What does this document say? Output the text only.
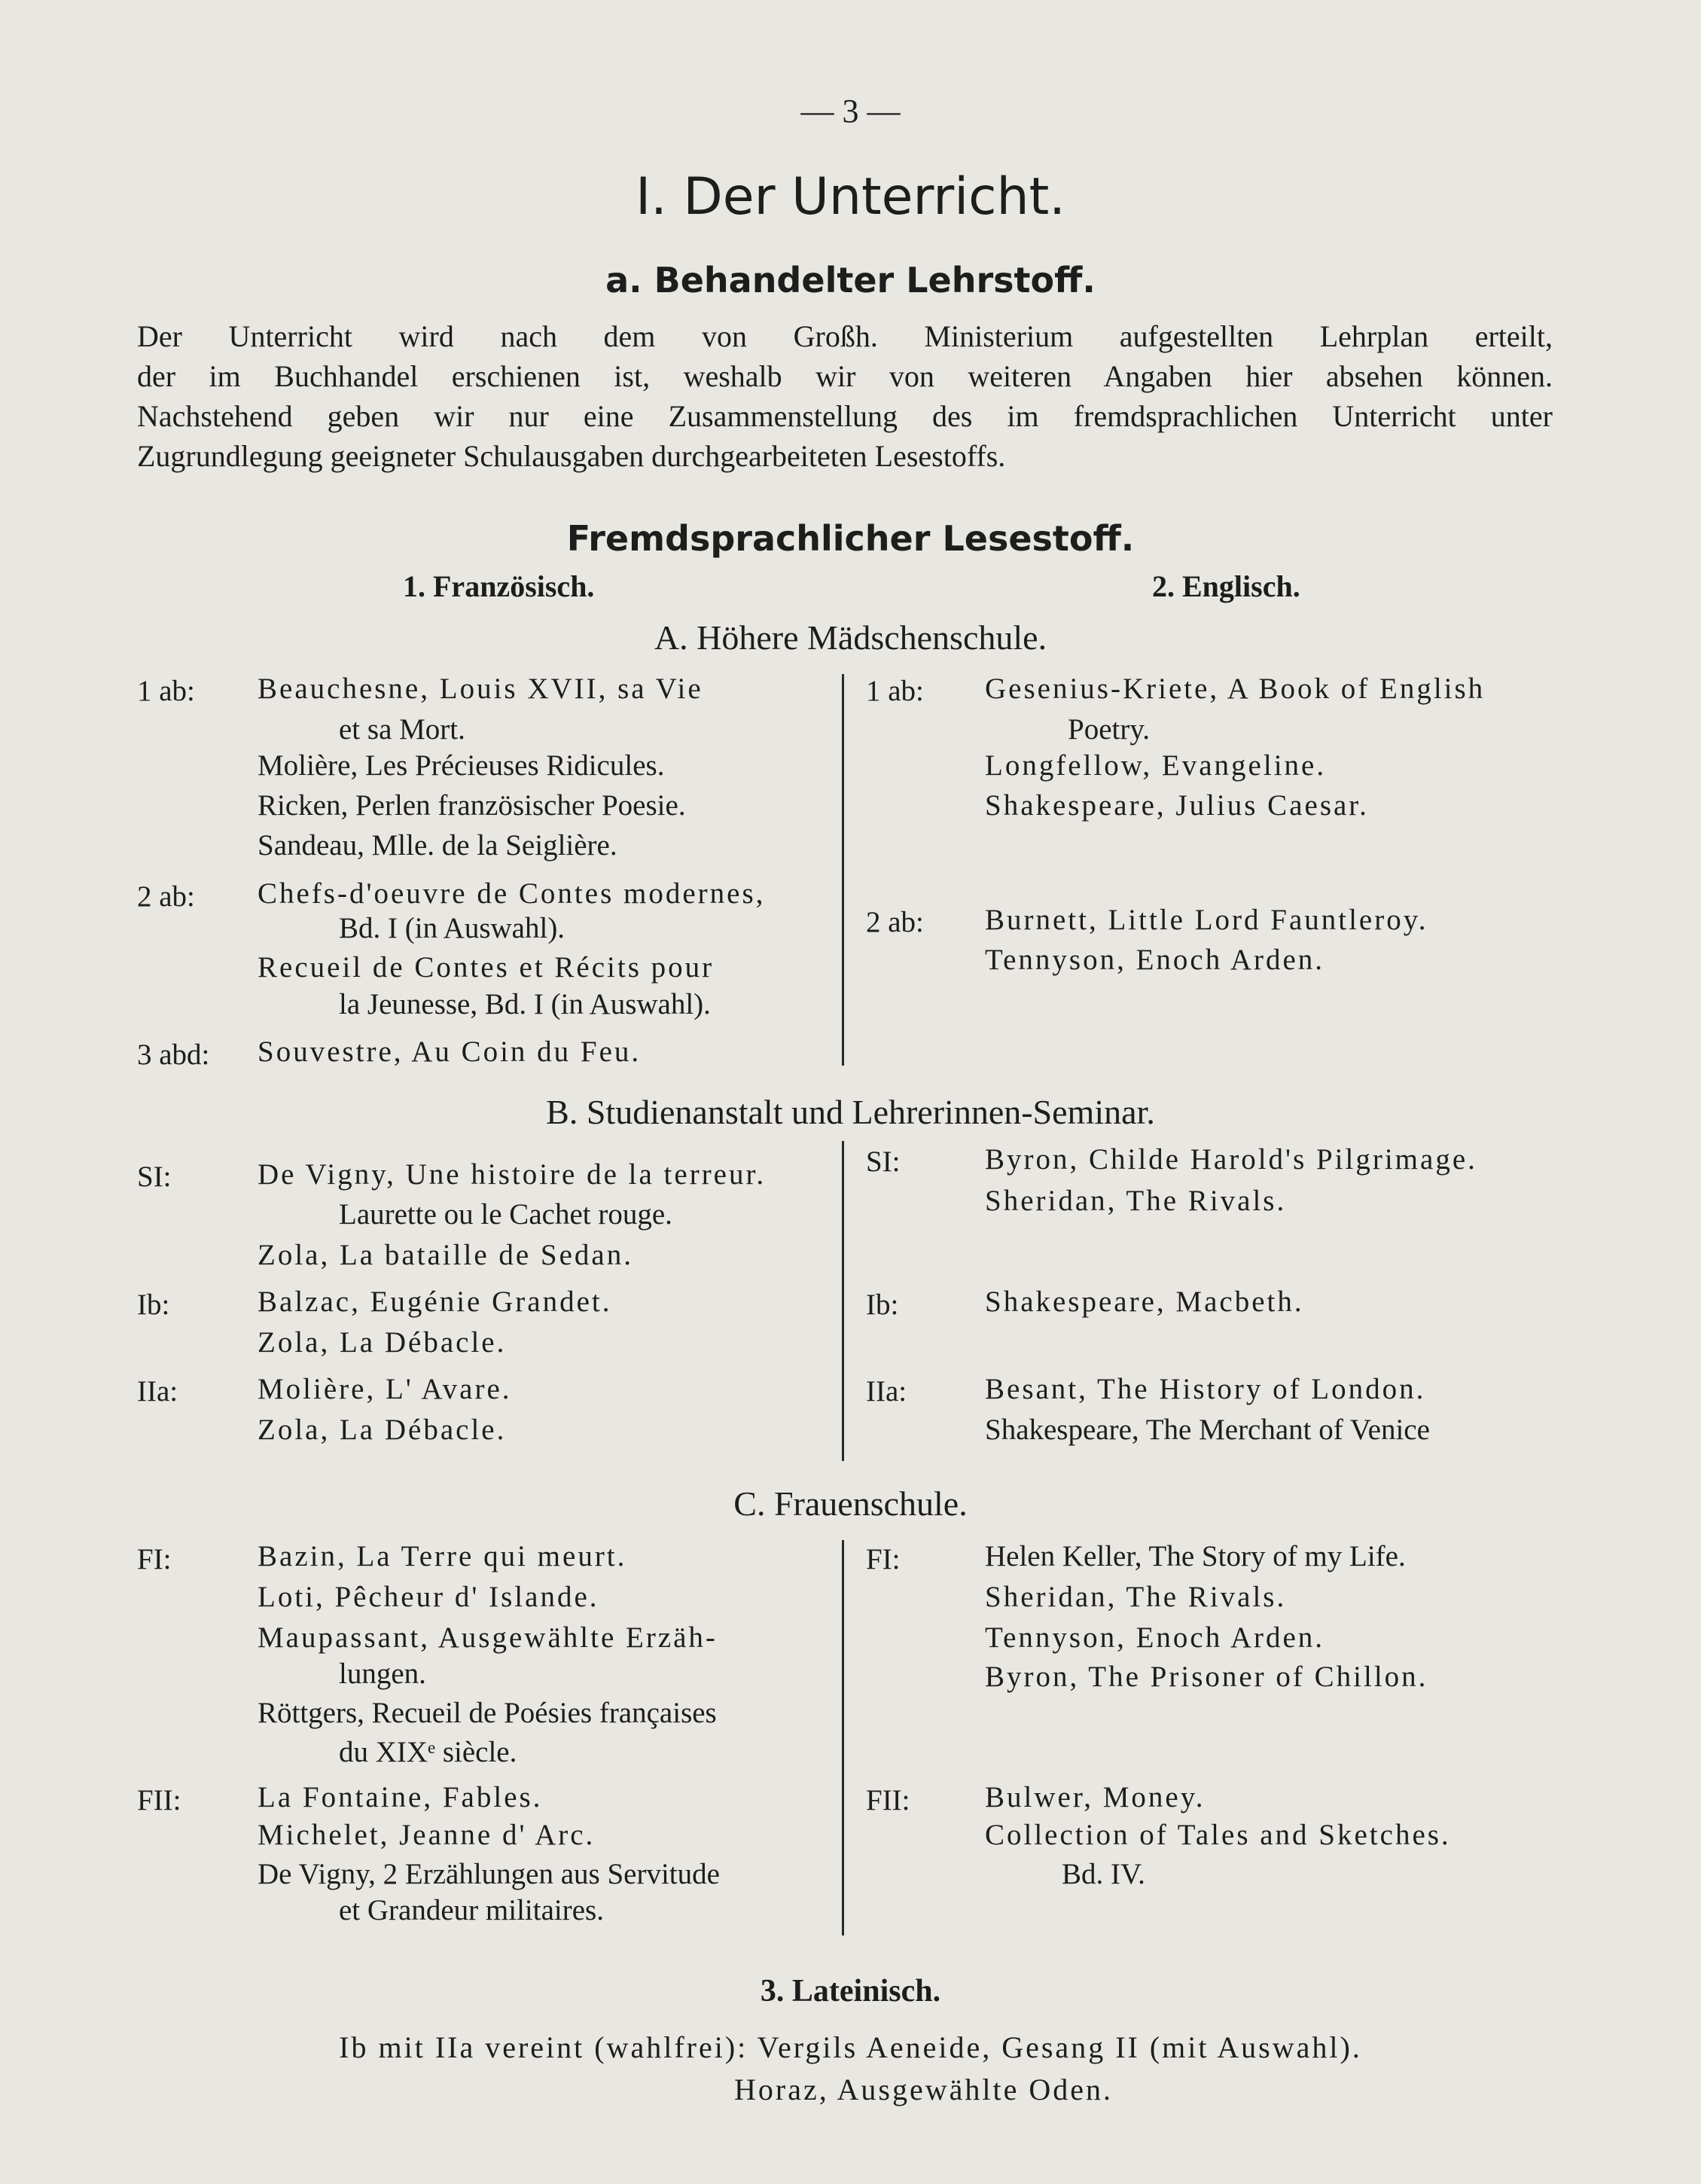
— 3 —
I. Der Unterricht.
a. Behandelter Lehrstoff.
Der Unterricht wird nach dem von Großh. Ministerium aufgestellten Lehrplan erteilt,
der im Buchhandel erschienen ist, weshalb wir von weiteren Angaben hier absehen können.
Nachstehend geben wir nur eine Zusammenstellung des im fremdsprachlichen Unterricht unter
Zugrundlegung geeigneter Schulausgaben durchgearbeiteten Lesestoffs.
Fremdsprachlicher Lesestoff.
1. Französisch.	2. Englisch.
A. Höhere Mädschenschule.
1 ab: Beauchesne, Louis XVII, sa Vie
et sa Mort.
Molière, Les Précieuses Ridicules.
Ricken, Perlen französischer Poesie.
Sandeau, Mlle. de la Seiglière.
2 ab: Chefs-d'oeuvre de Contes modernes,
Bd. I (in Auswahl).
Recueil de Contes et Récits pour
la Jeunesse, Bd. I (in Auswahl).
3 abd: Souvestre, Au Coin du Feu.
1 ab: Gesenius-Kriete, A Book of English
Poetry.
Longfellow, Evangeline.
Shakespeare, Julius Caesar.
2 ab: Burnett, Little Lord Fauntleroy.
Tennyson, Enoch Arden.
B. Studienanstalt und Lehrerinnen-Seminar.
SI:	De Vigny, Une histoire de la terreur.
Laurette ou le Cachet rouge.
Zola, La bataille de Sedan.
Ib:	Balzac, Eugénie Grandet.
Zola, La Débacle.
IIa:	Molière, L' Avare.
Zola, La Débacle.
SI:	Byron, Childe Harold's Pilgrimage.
Sheridan, The Rivals.
Ib:	Shakespeare, Macbeth.
IIa:	Besant, The History of London.
Shakespeare, The Merchant of Venice
C. Frauenschule.
FI:	Bazin, La Terre qui meurt.
Loti, Pêcheur d' Islande.
Maupassant, Ausgewählte Erzäh-
lungen.
Röttgers, Recueil de Poésies françaises
du XIXᵉ siècle.
FII:	La Fontaine, Fables.
Michelet, Jeanne d' Arc.
De Vigny, 2 Erzählungen aus Servitude
et Grandeur militaires.
FI:	Helen Keller, The Story of my Life.
Sheridan, The Rivals.
Tennyson, Enoch Arden.
Byron, The Prisoner of Chillon.
FII:	Bulwer, Money.
Collection of Tales and Sketches.
Bd. IV.
3. Lateinisch.
Ib mit IIa vereint (wahlfrei): Vergils Aeneide, Gesang II (mit Auswahl).
Horaz, Ausgewählte Oden.
